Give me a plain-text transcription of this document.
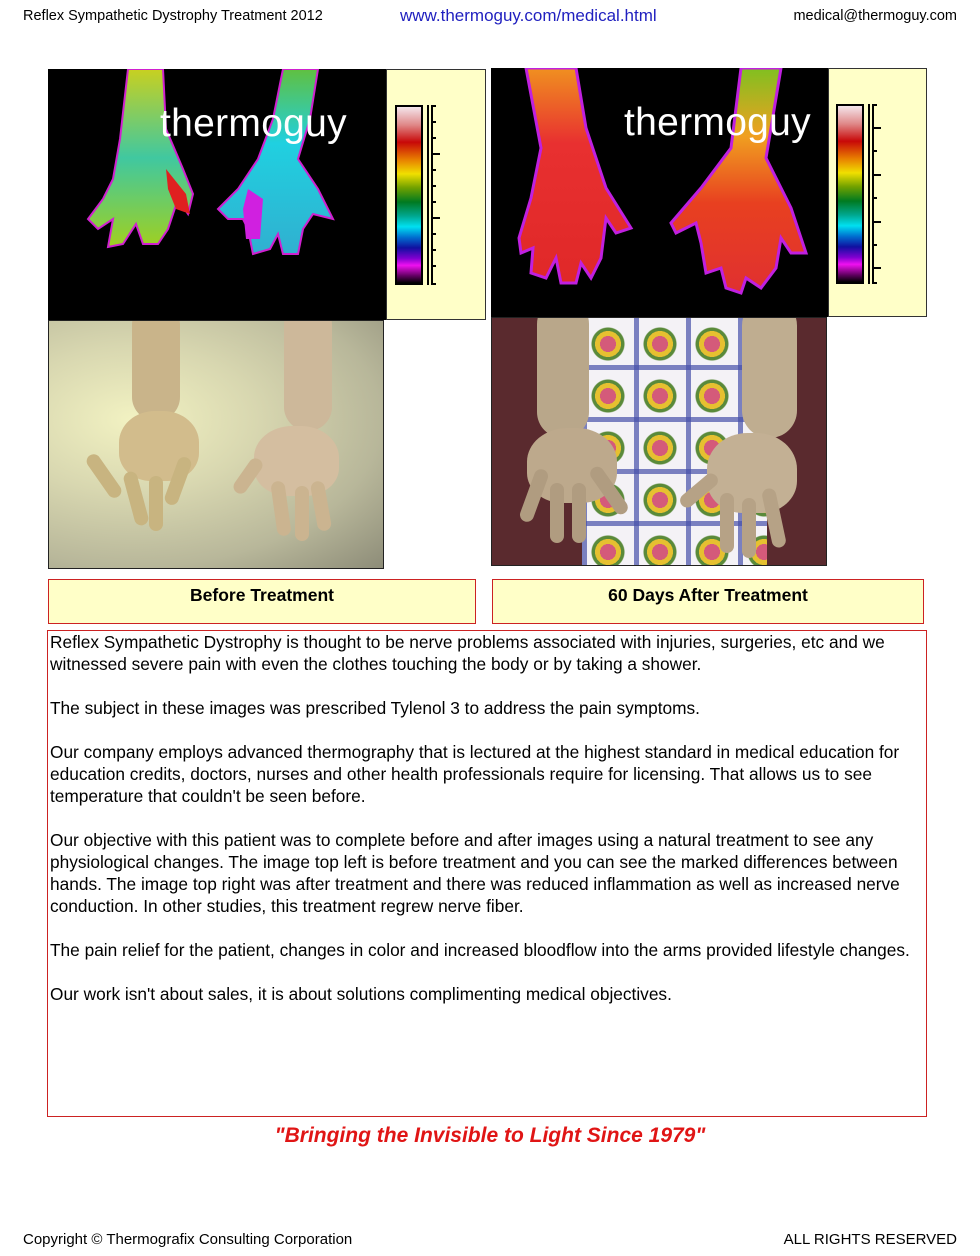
Reflex Sympathetic Dystrophy Treatment 2012	www.thermoguy.com/medical.html	medical@thermoguy.com
thermoguy	thermoguy
Before Treatment	60 Days After Treatment

Reflex Sympathetic Dystrophy is thought to be nerve problems associated with injuries, surgeries, etc and we witnessed severe pain with even the clothes touching the body or by taking a shower.

The subject in these images was prescribed Tylenol 3 to address the pain symptoms.

Our company employs advanced thermography that is lectured at the highest standard in medical education for education credits, doctors, nurses and other health professionals require for licensing. That allows us to see temperature that couldn't be seen before.

Our objective with this patient was to complete before and after images using a natural treatment to see any physiological changes. The image top left is before treatment and you can see the marked differences between hands. The image top right was after treatment and there was reduced inflammation as well as increased nerve conduction. In other studies, this treatment regrew nerve fiber.

The pain relief for the patient, changes in color and increased bloodflow into the arms provided lifestyle changes.

Our work isn't about sales, it is about solutions complimenting medical objectives.

"Bringing the Invisible to Light Since 1979"
Copyright © Thermografix Consulting Corporation	ALL RIGHTS RESERVED
